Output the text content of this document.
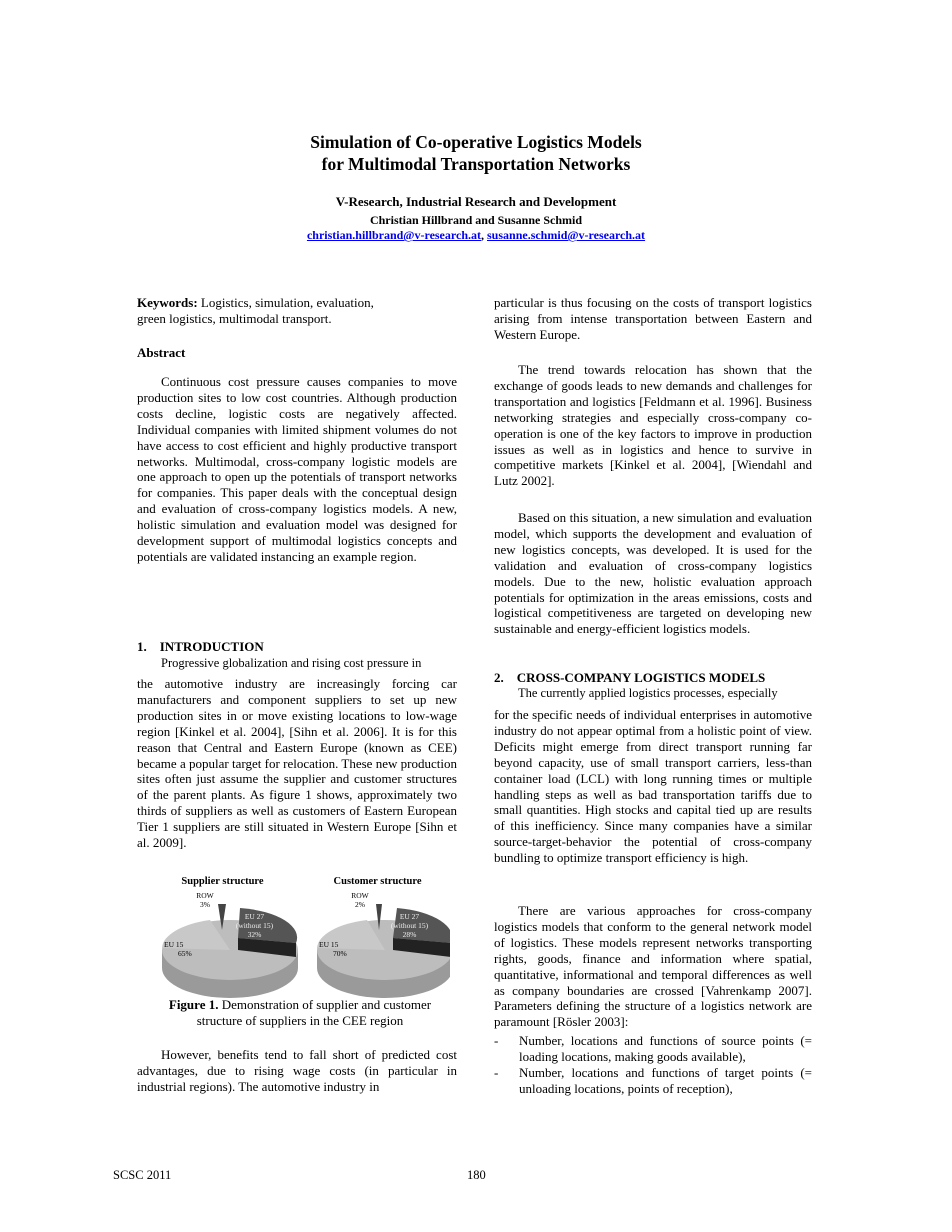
Simulation of Co-operative Logistics Models
for Multimodal Transportation Networks
V-Research, Industrial Research and Development
Christian Hillbrand and Susanne Schmid
christian.hillbrand@v-research.at, susanne.schmid@v-research.at
Keywords: Logistics, simulation, evaluation,
green logistics, multimodal transport.
Abstract

Continuous cost pressure causes companies to move production sites to low cost countries. Although production costs decline, logistic costs are negatively affected. Individual companies with limited shipment volumes do not have access to cost efficient and highly productive transport networks. Multimodal, cross-company logistic models are one approach to open up the potentials of transport networks for companies. This paper deals with the conceptual design and evaluation of cross-company logistics models. A new, holistic simulation and evaluation model was designed for development support of multimodal logistics concepts and potentials are validated instancing an example region.

1.    INTRODUCTION

Progressive globalization and rising cost pressure in

the automotive industry are increasingly forcing car manufacturers and component suppliers to set up new production sites in or move existing locations to low-wage region [Kinkel et al. 2004], [Sihn et al. 2006]. It is for this reason that Central and Eastern Europe (known as CEE) became a popular target for relocation. These new production sites often just assume the supplier and customer structures of the parent plants. As figure 1 shows, approximately two thirds of suppliers as well as customers of Eastern European Tier 1 suppliers are still situated in Western Europe [Sihn et al. 2009].

Supplier structure	Customer structure
ROW
3%
EU 27
(without 15)
32%
EU 15
65%
ROW
2%
EU 27
(without 15)
28%
EU 15
70%

Figure 1. Demonstration of supplier and customer structure of suppliers in the CEE region

However, benefits tend to fall short of predicted cost advantages, due to rising wage costs (in particular in industrial regions). The automotive industry in

particular is thus focusing on the costs of transport logistics arising from intense transportation between Eastern and Western Europe.

The trend towards relocation has shown that the exchange of goods leads to new demands and challenges for transportation and logistics [Feldmann et al. 1996]. Business networking strategies and especially cross-company co-operation is one of the key factors to improve in production issues as well as in logistics and hence to survive in competitive markets [Kinkel et al. 2004], [Wiendahl and Lutz 2002].

Based on this situation, a new simulation and evaluation model, which supports the development and evaluation of new logistics concepts, was developed. It is used for the validation and evaluation of cross-company logistics models. Due to the new, holistic evaluation approach potentials for optimization in the areas emissions, costs and logistical competitiveness are targeted on developing new sustainable and energy-efficient logistics models.

2.    CROSS-COMPANY LOGISTICS MODELS

The currently applied logistics processes, especially

for the specific needs of individual enterprises in automotive industry do not appear optimal from a holistic point of view. Deficits might emerge from direct transport running far beyond capacity, use of small transport carriers, less-than container load (LCL) with long running times or multiple handling steps as well as bad transportation tariffs due to small quantities. High stocks and capital tied up are results of this inefficiency. Since many companies have a similar source-target-behavior the potential of cross-company bundling to optimize transport efficiency is high.

There are various approaches for cross-company logistics models that conform to the general network model of logistics. These models represent networks transporting rights, goods, finance and information where spatial, quantitative, informational and temporal differences as well as company boundaries are crossed [Vahrenkamp 2007]. Parameters defining the structure of a logistics network are paramount [Rösler 2003]:

-	Number, locations and functions of source points (= loading locations, making goods available),
-	Number, locations and functions of target points (= unloading locations, points of reception),
SCSC 2011	180
